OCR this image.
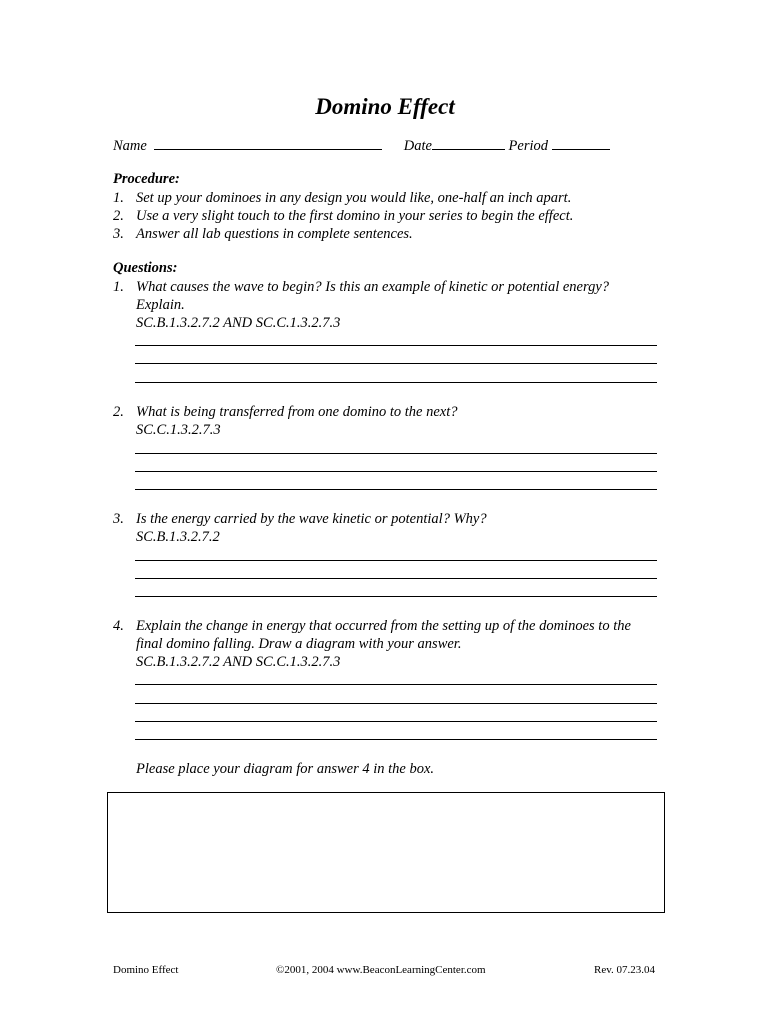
Domino Effect
Name	Date	Period
Procedure:
1. Set up your dominoes in any design you would like, one-half an inch apart.
2. Use a very slight touch to the first domino in your series to begin the effect.
3. Answer all lab questions in complete sentences.
Questions:
1. What causes the wave to begin? Is this an example of kinetic or potential energy?
Explain.
SC.B.1.3.2.7.2 AND SC.C.1.3.2.7.3
2. What is being transferred from one domino to the next?
SC.C.1.3.2.7.3
3. Is the energy carried by the wave kinetic or potential? Why?
SC.B.1.3.2.7.2
4. Explain the change in energy that occurred from the setting up of the dominoes to the
final domino falling. Draw a diagram with your answer.
SC.B.1.3.2.7.2 AND SC.C.1.3.2.7.3
Please place your diagram for answer 4 in the box.
Domino Effect	©2001, 2004 www.BeaconLearningCenter.com	Rev. 07.23.04
